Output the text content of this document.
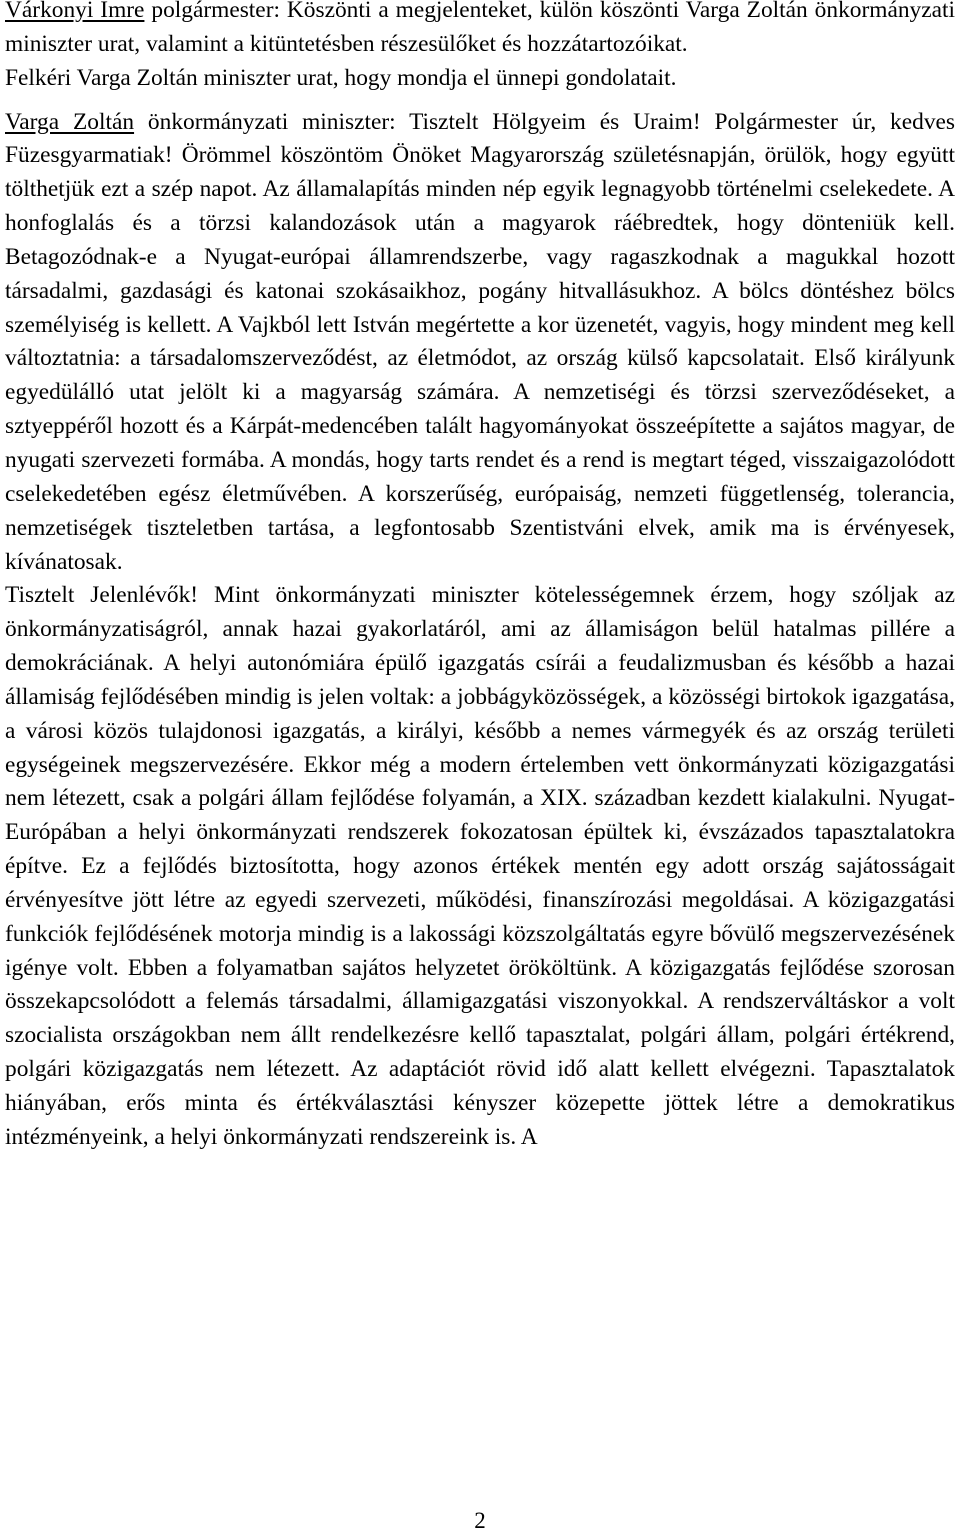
Várkonyi Imre polgármester: Köszönti a megjelenteket, külön köszönti Varga Zoltán önkormányzati miniszter urat, valamint a kitüntetésben részesülőket és hozzátartozóikat.

Felkéri Varga Zoltán miniszter urat, hogy mondja el ünnepi gondolatait.

Varga Zoltán önkormányzati miniszter: Tisztelt Hölgyeim és Uraim! Polgármester úr, kedves Füzesgyarmatiak! Örömmel köszöntöm Önöket Magyarország születésnapján, örülök, hogy együtt tölthetjük ezt a szép napot. Az államalapítás minden nép egyik legnagyobb történelmi cselekedete. A honfoglalás és a törzsi kalandozások után a magyarok ráébredtek, hogy dönteniük kell. Betagozódnak-e a Nyugat-európai államrendszerbe, vagy ragaszkodnak a magukkal hozott társadalmi, gazdasági és katonai szokásaikhoz, pogány hitvallásukhoz. A bölcs döntéshez bölcs személyiség is kellett. A Vajkból lett István megértette a kor üzenetét, vagyis, hogy mindent meg kell változtatnia: a társadalomszerveződést, az életmódot, az ország külső kapcsolatait. Első királyunk egyedülálló utat jelölt ki a magyarság számára. A nemzetiségi és törzsi szerveződéseket, a sztyeppéről hozott és a Kárpát-medencében talált hagyományokat összeépítette a sajátos magyar, de nyugati szervezeti formába. A mondás, hogy tarts rendet és a rend is megtart téged, visszaigazolódott cselekedetében egész életművében. A korszerűség, európaiság, nemzeti függetlenség, tolerancia, nemzetiségek tiszteletben tartása, a legfontosabb Szentistváni elvek, amik ma is érvényesek, kívánatosak.

Tisztelt Jelenlévők! Mint önkormányzati miniszter kötelességemnek érzem, hogy szóljak az önkormányzatiságról, annak hazai gyakorlatáról, ami az államiságon belül hatalmas pillére a demokráciának. A helyi autonómiára épülő igazgatás csírái a feudalizmusban és később a hazai államiság fejlődésében mindig is jelen voltak: a jobbágyközösségek, a közösségi birtokok igazgatása, a városi közös tulajdonosi igazgatás, a királyi, később a nemes vármegyék és az ország területi egységeinek megszervezésére. Ekkor még a modern értelemben vett önkormányzati közigazgatási nem létezett, csak a polgári állam fejlődése folyamán, a XIX. században kezdett kialakulni. Nyugat-Európában a helyi önkormányzati rendszerek fokozatosan épültek ki, évszázados tapasztalatokra építve. Ez a fejlődés biztosította, hogy azonos értékek mentén egy adott ország sajátosságait érvényesítve jött létre az egyedi szervezeti, működési, finanszírozási megoldásai. A közigazgatási funkciók fejlődésének motorja mindig is a lakossági közszolgáltatás egyre bővülő megszervezésének igénye volt. Ebben a folyamatban sajátos helyzetet örököltünk. A közigazgatás fejlődése szorosan összekapcsolódott a felemás társadalmi, államigazgatási viszonyokkal. A rendszerváltáskor a volt szocialista országokban nem állt rendelkezésre kellő tapasztalat, polgári állam, polgári értékrend, polgári közigazgatás nem létezett. Az adaptációt rövid idő alatt kellett elvégezni. Tapasztalatok hiányában, erős minta és értékválasztási kényszer közepette jöttek létre a demokratikus intézményeink, a helyi önkormányzati rendszereink is. A

2
